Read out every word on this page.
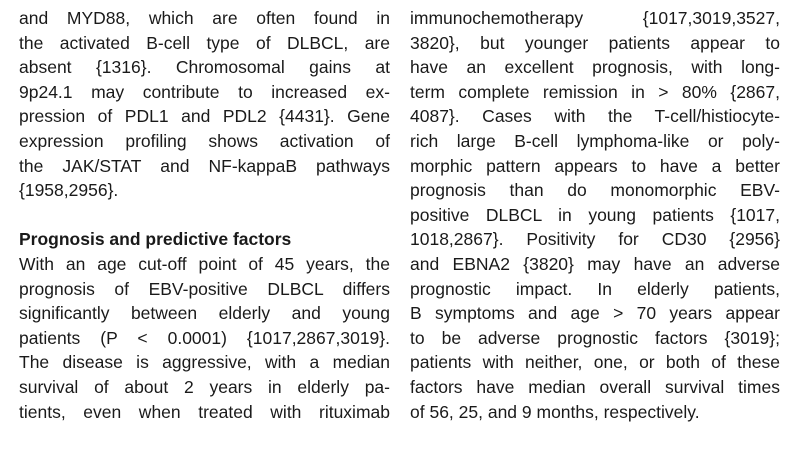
and MYD88, which are often found in
the activated B-cell type of DLBCL, are
absent {1316}. Chromosomal gains at
9p24.1 may contribute to increased ex-
pression of PDL1 and PDL2 {4431}. Gene
expression profiling shows activation of
the JAK/STAT and NF-kappaB pathways
{1958,2956}.
Prognosis and predictive factors
With an age cut-off point of 45 years, the
prognosis of EBV-positive DLBCL differs
significantly between elderly and young
patients (P < 0.0001) {1017,2867,3019}.
The disease is aggressive, with a median
survival of about 2 years in elderly pa-
tients, even when treated with rituximab
immunochemotherapy {1017,3019,3527,
3820}, but younger patients appear to
have an excellent prognosis, with long-
term complete remission in > 80% {2867,
4087}. Cases with the T-cell/histiocyte-
rich large B-cell lymphoma-like or poly-
morphic pattern appears to have a better
prognosis than do monomorphic EBV-
positive DLBCL in young patients {1017,
1018,2867}. Positivity for CD30 {2956}
and EBNA2 {3820} may have an adverse
prognostic impact. In elderly patients,
B symptoms and age > 70 years appear
to be adverse prognostic factors {3019};
patients with neither, one, or both of these
factors have median overall survival times
of 56, 25, and 9 months, respectively.
